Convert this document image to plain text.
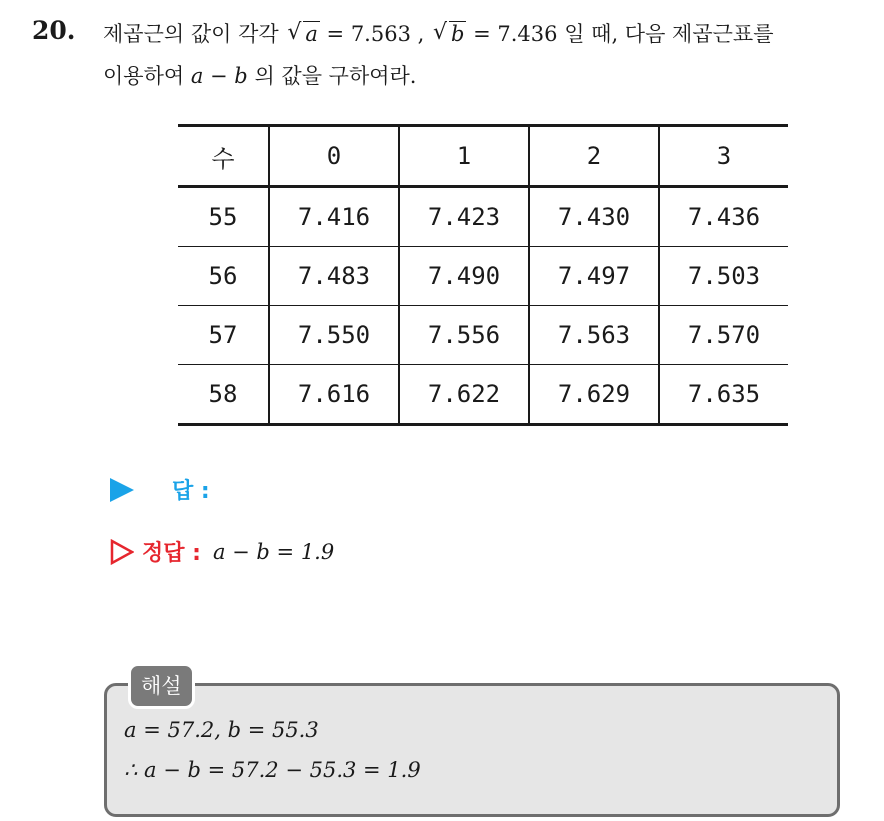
20. 제곱근의 값이 각각 √ a = 7.563 , √ b = 7.436 일 때, 다음 제곱근표를
이용하여 a − b 의 값을 구하여라.
수	0	1	2	3
55	7.416	7.423	7.430	7.436
56	7.483	7.490	7.497	7.503
57	7.550	7.556	7.563	7.570
58	7.616	7.622	7.629	7.635
답 :
정답 : a − b = 1.9
해설
a = 57.2, b = 55.3
∴ a − b = 57.2 − 55.3 = 1.9
